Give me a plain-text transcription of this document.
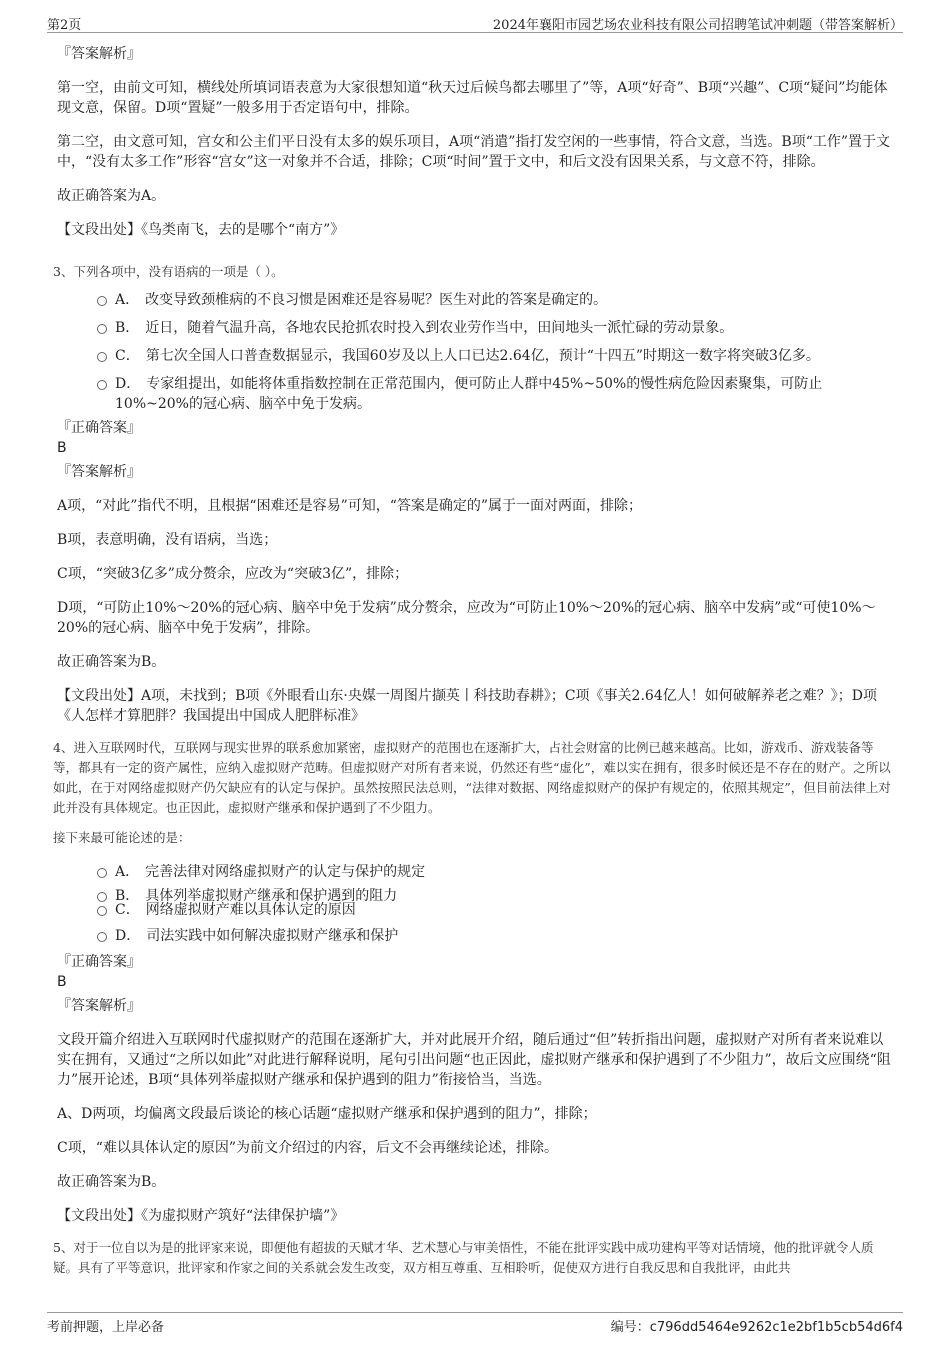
第2页	2024年襄阳市园艺场农业科技有限公司招聘笔试冲刺题（带答案解析）
『答案解析』
第一空，由前文可知，横线处所填词语表意为大家很想知道“秋天过后候鸟都去哪里了”等，A项“好奇”、B项“兴趣”、C项“疑问”均能体现文意，保留。D项“置疑”一般多用于否定语句中，排除。
第二空，由文意可知，宫女和公主们平日没有太多的娱乐项目，A项“消遣”指打发空闲的一些事情，符合文意，当选。B项“工作”置于文中，“没有太多工作”形容“宫女”这一对象并不合适，排除；C项“时间”置于文中，和后文没有因果关系，与文意不符，排除。
故正确答案为A。
【文段出处】《鸟类南飞，去的是哪个“南方”》
3、下列各项中，没有语病的一项是（ ）。
A． 改变导致颈椎病的不良习惯是困难还是容易呢？医生对此的答案是确定的。
B． 近日，随着气温升高，各地农民抢抓农时投入到农业劳作当中，田间地头一派忙碌的劳动景象。
C． 第七次全国人口普查数据显示，我国60岁及以上人口已达2.64亿，预计“十四五”时期这一数字将突破3亿多。
D． 专家组提出，如能将体重指数控制在正常范围内，便可防止人群中45%~50%的慢性病危险因素聚集，可防止10%~20%的冠心病、脑卒中免于发病。
『正确答案』
B
『答案解析』
A项，“对此”指代不明，且根据“困难还是容易”可知，“答案是确定的”属于一面对两面，排除；
B项，表意明确，没有语病，当选；
C项，“突破3亿多”成分赘余，应改为“突破3亿”，排除；
D项，“可防止10%～20%的冠心病、脑卒中免于发病”成分赘余，应改为“可防止10%～20%的冠心病、脑卒中发病”或“可使10%～20%的冠心病、脑卒中免于发病”，排除。
故正确答案为B。
【文段出处】A项，未找到；B项《外眼看山东·央媒一周图片撷英丨科技助春耕》；C项《事关2.64亿人！如何破解养老之难？》；D项《人怎样才算肥胖？我国提出中国成人肥胖标准》
4、进入互联网时代，互联网与现实世界的联系愈加紧密，虚拟财产的范围也在逐渐扩大，占社会财富的比例已越来越高。比如，游戏币、游戏装备等等，都具有一定的资产属性，应纳入虚拟财产范畴。但虚拟财产对所有者来说，仍然还有些“虚化”，难以实在拥有，很多时候还是不存在的财产。之所以如此，在于对网络虚拟财产仍欠缺应有的认定与保护。虽然按照民法总则，“法律对数据、网络虚拟财产的保护有规定的，依照其规定”，但目前法律上对此并没有具体规定。也正因此，虚拟财产继承和保护遇到了不少阻力。
接下来最可能论述的是：
A． 完善法律对网络虚拟财产的认定与保护的规定
B． 具体列举虚拟财产继承和保护遇到的阻力
C． 网络虚拟财产难以具体认定的原因
D． 司法实践中如何解决虚拟财产继承和保护
『正确答案』
B
『答案解析』
文段开篇介绍进入互联网时代虚拟财产的范围在逐渐扩大，并对此展开介绍，随后通过“但”转折指出问题，虚拟财产对所有者来说难以实在拥有，又通过“之所以如此”对此进行解释说明，尾句引出问题“也正因此，虚拟财产继承和保护遇到了不少阻力”，故后文应围绕“阻力”展开论述，B项“具体列举虚拟财产继承和保护遇到的阻力”衔接恰当，当选。
A、D两项，均偏离文段最后谈论的核心话题“虚拟财产继承和保护遇到的阻力”，排除；
C项，“难以具体认定的原因”为前文介绍过的内容，后文不会再继续论述，排除。
故正确答案为B。
【文段出处】《为虚拟财产筑好“法律保护墙”》
5、对于一位自以为是的批评家来说，即便他有超拔的天赋才华、艺术慧心与审美悟性，不能在批评实践中成功建构平等对话情境，他的批评就令人质疑。具有了平等意识，批评家和作家之间的关系就会发生改变，双方相互尊重、互相聆听，促使双方进行自我反思和自我批评，由此共
考前押题，上岸必备	编号：c796dd5464e9262c1e2bf1b5cb54d6f4
